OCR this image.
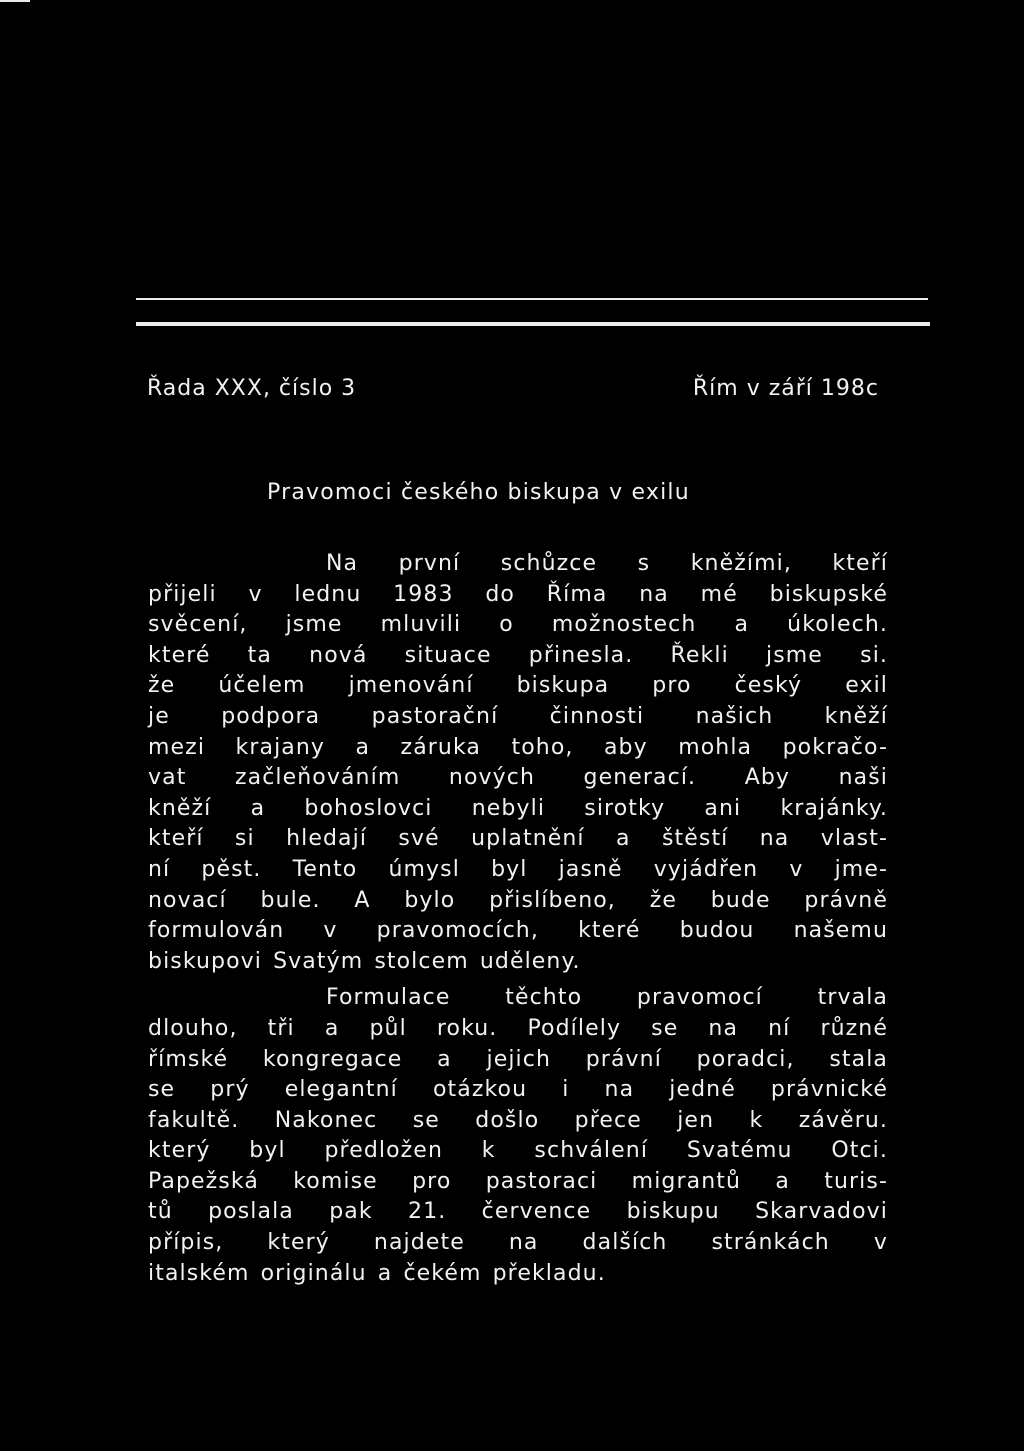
Řada XXX, číslo 3	Řím v září 198c
Pravomoci českého biskupa v exilu
Na první schůzce s kněžími, kteří
přijeli v lednu 1983 do Říma na mé biskupské
svěcení, jsme mluvili o možnostech a úkolech.
které ta nová situace přinesla. Řekli jsme si.
že účelem jmenování biskupa pro český exil
je podpora pastorační činnosti našich kněží
mezi krajany a záruka toho, aby mohla pokračo-
vat začleňováním nových generací. Aby naši
kněží a bohoslovci nebyli sirotky ani krajánky.
kteří si hledají své uplatnění a štěstí na vlast-
ní pěst. Tento úmysl byl jasně vyjádřen v jme-
novací bule. A bylo přislíbeno, že bude právně
formulován v pravomocích, které budou našemu
biskupovi Svatým stolcem uděleny.
Formulace těchto pravomocí trvala
dlouho, tři a půl roku. Podílely se na ní různé
římské kongregace a jejich právní poradci, stala
se prý elegantní otázkou i na jedné právnické
fakultě. Nakonec se došlo přece jen k závěru.
který byl předložen k schválení Svatému Otci.
Papežská komise pro pastoraci migrantů a turis-
tů poslala pak 21. července biskupu Skarvadovi
přípis, který najdete na dalších stránkách v
italském originálu a čekém překladu.
